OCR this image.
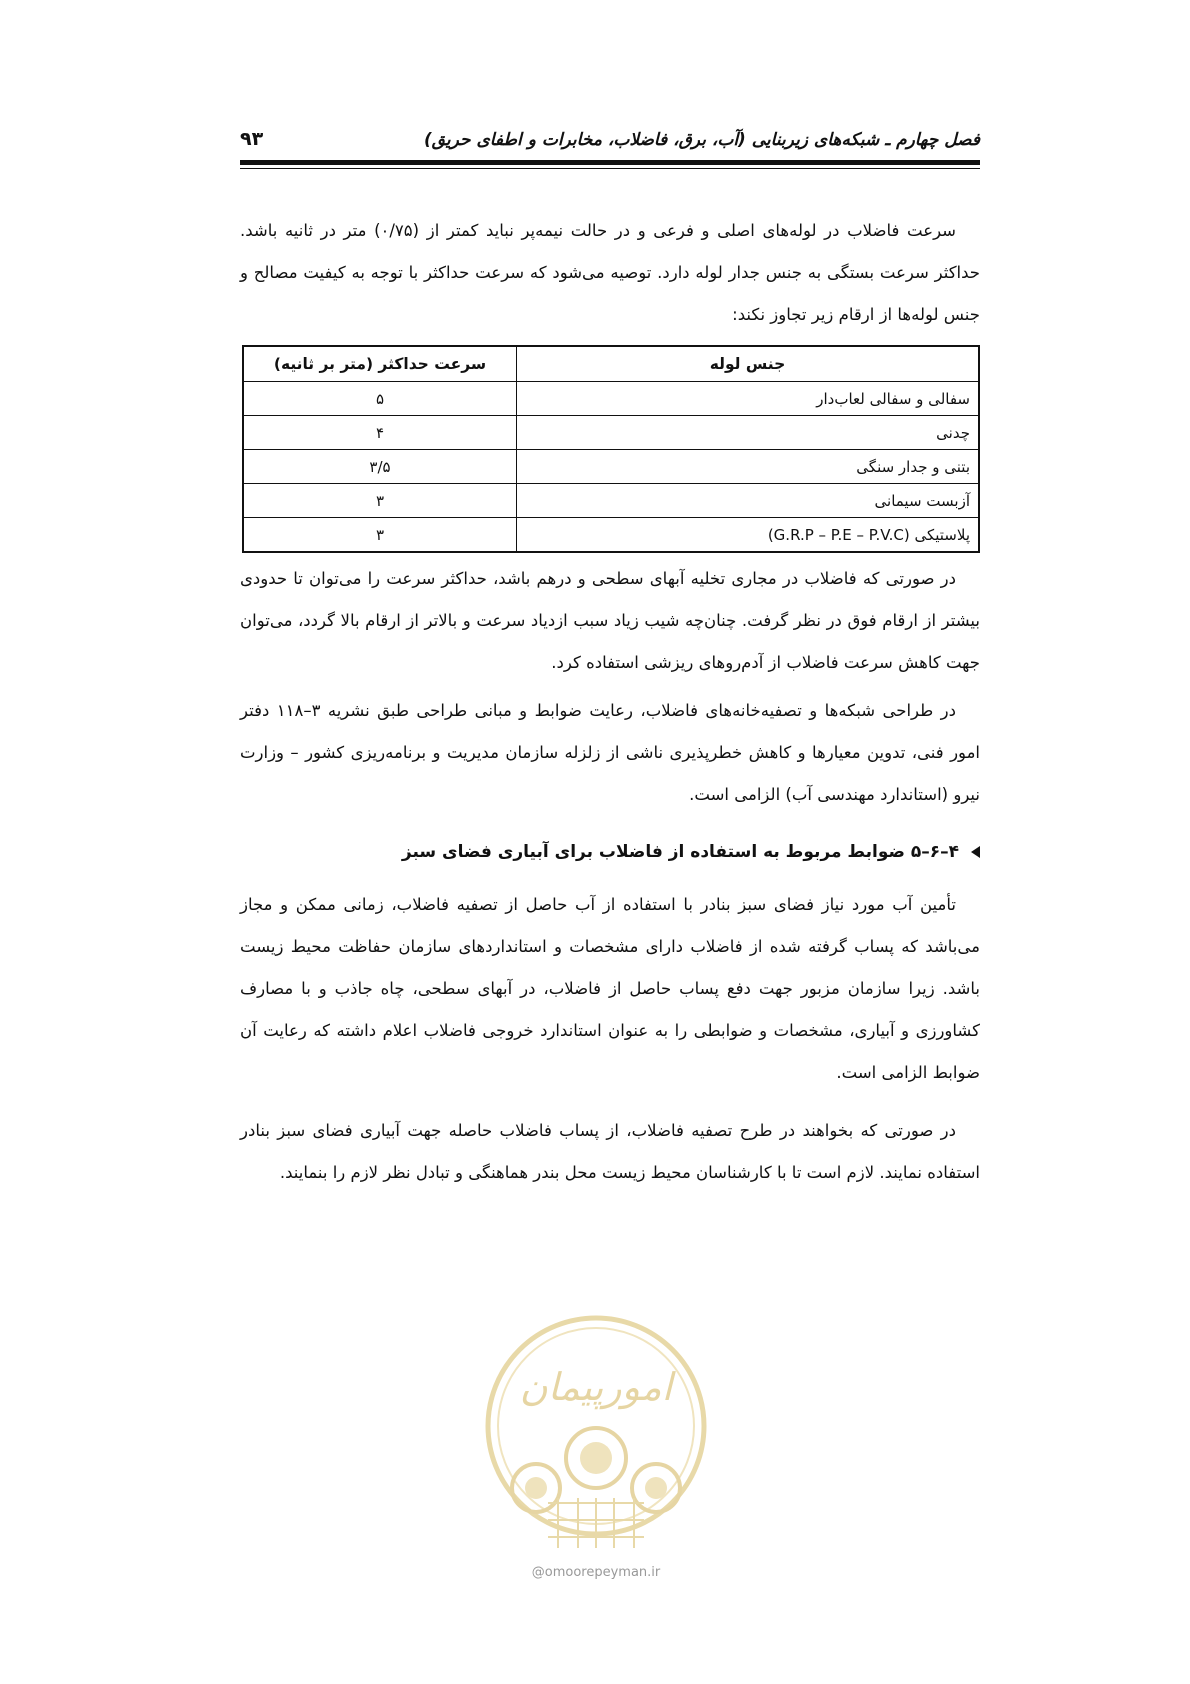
فصل چهارم ـ شبکه‌های زیربنایی (آب، برق، فاضلاب، مخابرات و اطفای حریق)
۹۳

سرعت فاضلاب در لوله‌های اصلی و فرعی و در حالت نیمه‌پر نباید کمتر از (۰/۷۵) متر در ثانیه باشد. حداکثر سرعت بستگی به جنس جدار لوله دارد. توصیه می‌شود که سرعت حداکثر با توجه به کیفیت مصالح و جنس لوله‌ها از ارقام زیر تجاوز نکند:

جنس لوله	سرعت حداکثر (متر بر ثانیه)
سفالی و سفالی لعاب‌دار	۵
چدنی	۴
بتنی و جدار سنگی	۳/۵
آزبست سیمانی	۳
پلاستیکی (G.R.P – P.E – P.V.C)	۳

در صورتی که فاضلاب در مجاری تخلیه آبهای سطحی و درهم باشد، حداکثر سرعت را می‌توان تا حدودی بیشتر از ارقام فوق در نظر گرفت. چنان‌چه شیب زیاد سبب ازدیاد سرعت و بالاتر از ارقام بالا گردد، می‌توان جهت کاهش سرعت فاضلاب از آدم‌روهای ریزشی استفاده کرد.

در طراحی شبکه‌ها و تصفیه‌خانه‌های فاضلاب، رعایت ضوابط و مبانی طراحی طبق نشریه ۳–۱۱۸ دفتر امور فنی، تدوین معیارها و کاهش خطرپذیری ناشی از زلزله سازمان مدیریت و برنامه‌ریزی کشور – وزارت نیرو (استاندارد مهندسی آب) الزامی است.

۴–۶–۵ ضوابط مربوط به استفاده از فاضلاب برای آبیاری فضای سبز

تأمین آب مورد نیاز فضای سبز بنادر با استفاده از آب حاصل از تصفیه فاضلاب، زمانی ممکن و مجاز می‌باشد که پساب گرفته شده از فاضلاب دارای مشخصات و استانداردهای سازمان حفاظت محیط زیست باشد. زیرا سازمان مزبور جهت دفع پساب حاصل از فاضلاب، در آبهای سطحی، چاه جاذب و با مصارف کشاورزی و آبیاری، مشخصات و ضوابطی را به عنوان استاندارد خروجی فاضلاب اعلام داشته که رعایت آن ضوابط الزامی است.

در صورتی که بخواهند در طرح تصفیه فاضلاب، از پساب فاضلاب حاصله جهت آبیاری فضای سبز بنادر استفاده نمایند. لازم است تا با کارشناسان محیط زیست محل بندر هماهنگی و تبادل نظر لازم را بنمایند.

امورپیمان
@omoorepeyman.ir
